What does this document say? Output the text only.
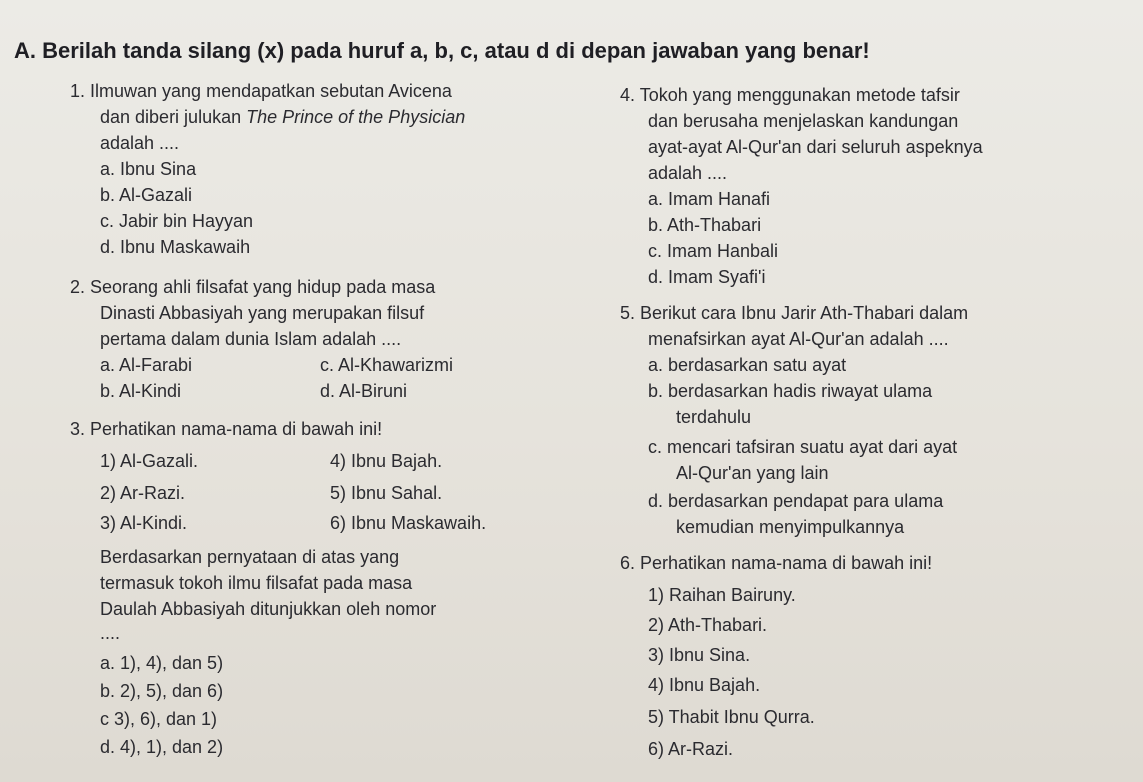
A. Berilah tanda silang (x) pada huruf a, b, c, atau d di depan jawaban yang benar!
1. Ilmuwan yang mendapatkan sebutan Avicena
dan diberi julukan The Prince of the Physician
adalah ....
a. Ibnu Sina
b. Al-Gazali
c. Jabir bin Hayyan
d. Ibnu Maskawaih
2. Seorang ahli filsafat yang hidup pada masa
Dinasti Abbasiyah yang merupakan filsuf
pertama dalam dunia Islam adalah ....
a. Al-Farabi	c. Al-Khawarizmi
b. Al-Kindi	d. Al-Biruni
3. Perhatikan nama-nama di bawah ini!
1) Al-Gazali.	4) Ibnu Bajah.
2) Ar-Razi.	5) Ibnu Sahal.
3) Al-Kindi.	6) Ibnu Maskawaih.
Berdasarkan pernyataan di atas yang
termasuk tokoh ilmu filsafat pada masa
Daulah Abbasiyah ditunjukkan oleh nomor
....
a. 1), 4), dan 5)
b. 2), 5), dan 6)
c 3), 6), dan 1)
d. 4), 1), dan 2)
4. Tokoh yang menggunakan metode tafsir
dan berusaha menjelaskan kandungan
ayat-ayat Al-Qur'an dari seluruh aspeknya
adalah ....
a. Imam Hanafi
b. Ath-Thabari
c. Imam Hanbali
d. Imam Syafi'i
5. Berikut cara Ibnu Jarir Ath-Thabari dalam
menafsirkan ayat Al-Qur'an adalah ....
a. berdasarkan satu ayat
b. berdasarkan hadis riwayat ulama
terdahulu
c. mencari tafsiran suatu ayat dari ayat
Al-Qur'an yang lain
d. berdasarkan pendapat para ulama
kemudian menyimpulkannya
6. Perhatikan nama-nama di bawah ini!
1) Raihan Bairuny.
2) Ath-Thabari.
3) Ibnu Sina.
4) Ibnu Bajah.
5) Thabit Ibnu Qurra.
6) Ar-Razi.
